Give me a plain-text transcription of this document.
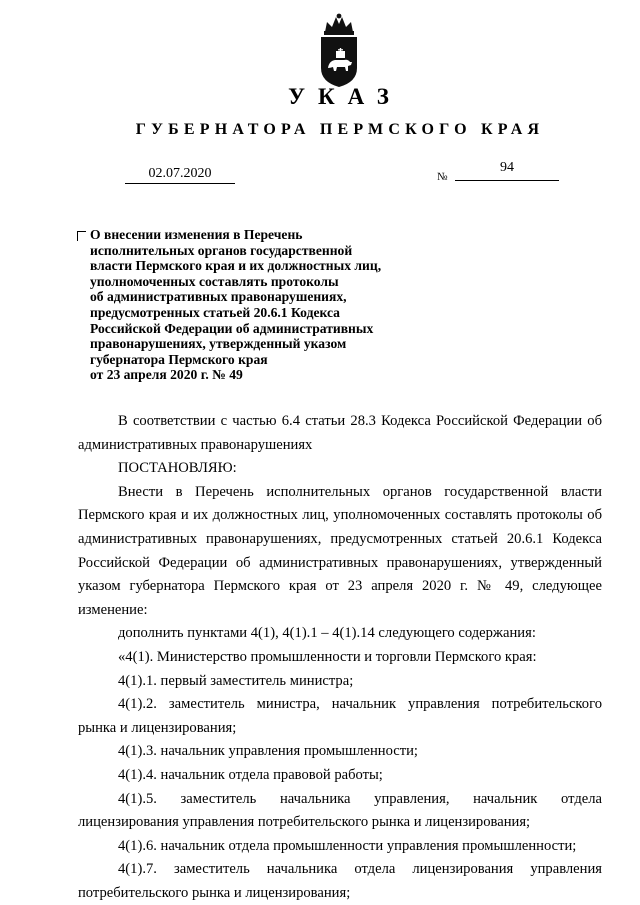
УКАЗ
ГУБЕРНАТОРА ПЕРМСКОГО КРАЯ
02.07.2020	№
94
О внесении изменения в Перечень
исполнительных органов государственной
власти Пермского края и их должностных лиц,
уполномоченных составлять протоколы
об административных правонарушениях,
предусмотренных статьей 20.6.1 Кодекса
Российской Федерации об административных
правонарушениях, утвержденный указом
губернатора Пермского края
от 23 апреля 2020 г. № 49

В соответствии с частью 6.4 статьи 28.3 Кодекса Российской Федерации об административных правонарушениях

ПОСТАНОВЛЯЮ:

Внести в Перечень исполнительных органов государственной власти Пермского края и их должностных лиц, уполномоченных составлять протоколы об административных правонарушениях, предусмотренных статьей 20.6.1 Кодекса Российской Федерации об административных правонарушениях, утвержденный указом губернатора Пермского края от 23 апреля 2020 г. № 49, следующее изменение:

дополнить пунктами 4(1), 4(1).1 – 4(1).14 следующего содержания:

«4(1). Министерство промышленности и торговли Пермского края:

4(1).1. первый заместитель министра;

4(1).2. заместитель министра, начальник управления потребительского рынка и лицензирования;

4(1).3. начальник управления промышленности;

4(1).4. начальник отдела правовой работы;

4(1).5. заместитель начальника управления, начальник отдела лицензирования управления потребительского рынка и лицензирования;

4(1).6. начальник отдела промышленности управления промышленности;

4(1).7. заместитель начальника отдела лицензирования управления потребительского рынка и лицензирования;
